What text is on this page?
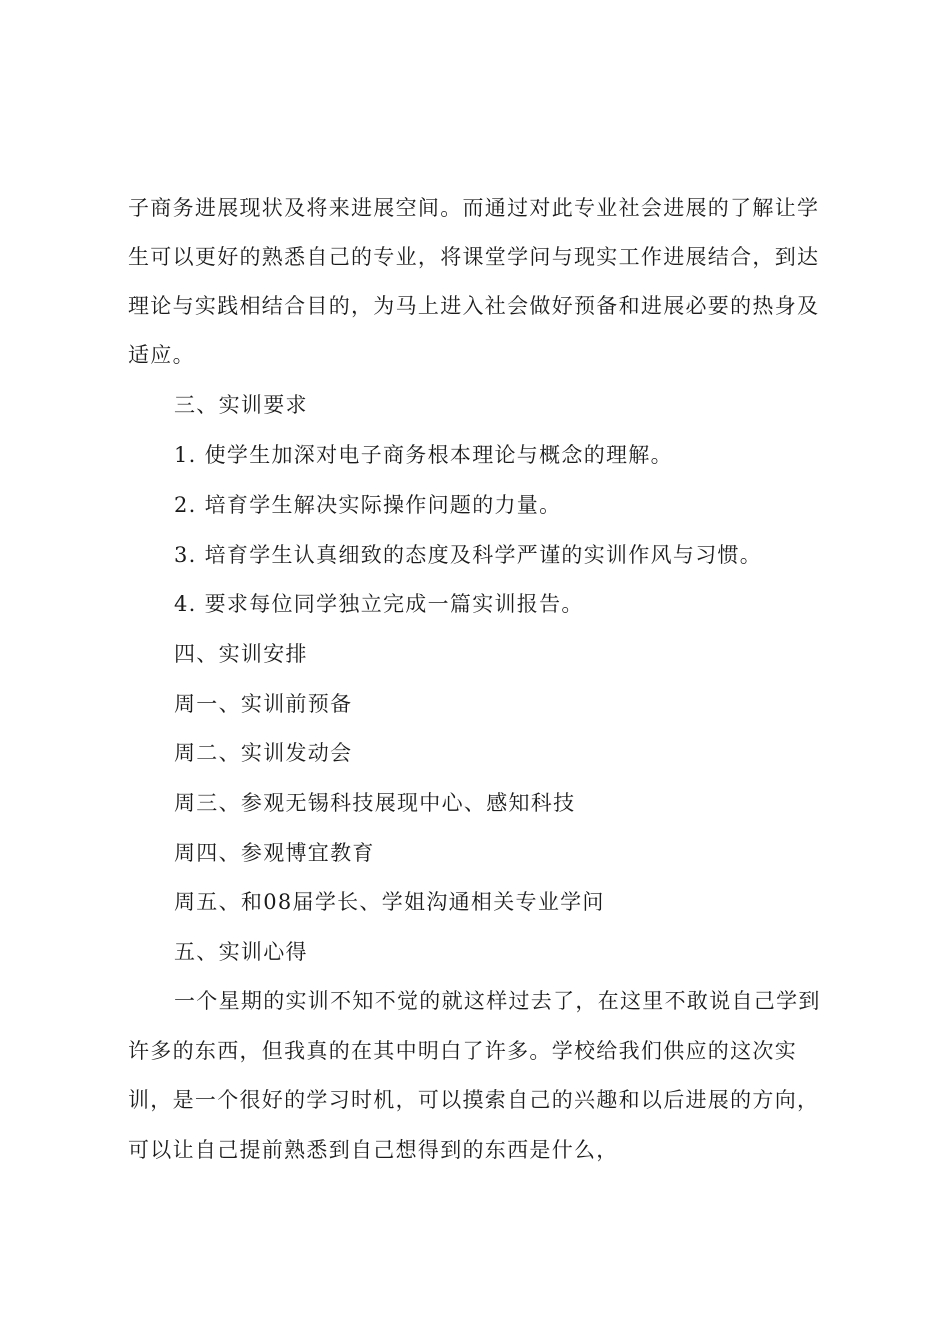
子商务进展现状及将来进展空间。而通过对此专业社会进展的了解让学
生可以更好的熟悉自己的专业，将课堂学问与现实工作进展结合，到达
理论与实践相结合目的，为马上进入社会做好预备和进展必要的热身及
适应。
三、实训要求
1. 使学生加深对电子商务根本理论与概念的理解。
2. 培育学生解决实际操作问题的力量。
3. 培育学生认真细致的态度及科学严谨的实训作风与习惯。
4. 要求每位同学独立完成一篇实训报告。
四、实训安排
周一、实训前预备
周二、实训发动会
周三、参观无锡科技展现中心、感知科技
周四、参观博宜教育
周五、和08届学长、学姐沟通相关专业学问
五、实训心得
一个星期的实训不知不觉的就这样过去了，在这里不敢说自己学到
许多的东西，但我真的在其中明白了许多。学校给我们供应的这次实
训，是一个很好的学习时机，可以摸索自己的兴趣和以后进展的方向，
可以让自己提前熟悉到自己想得到的东西是什么，
